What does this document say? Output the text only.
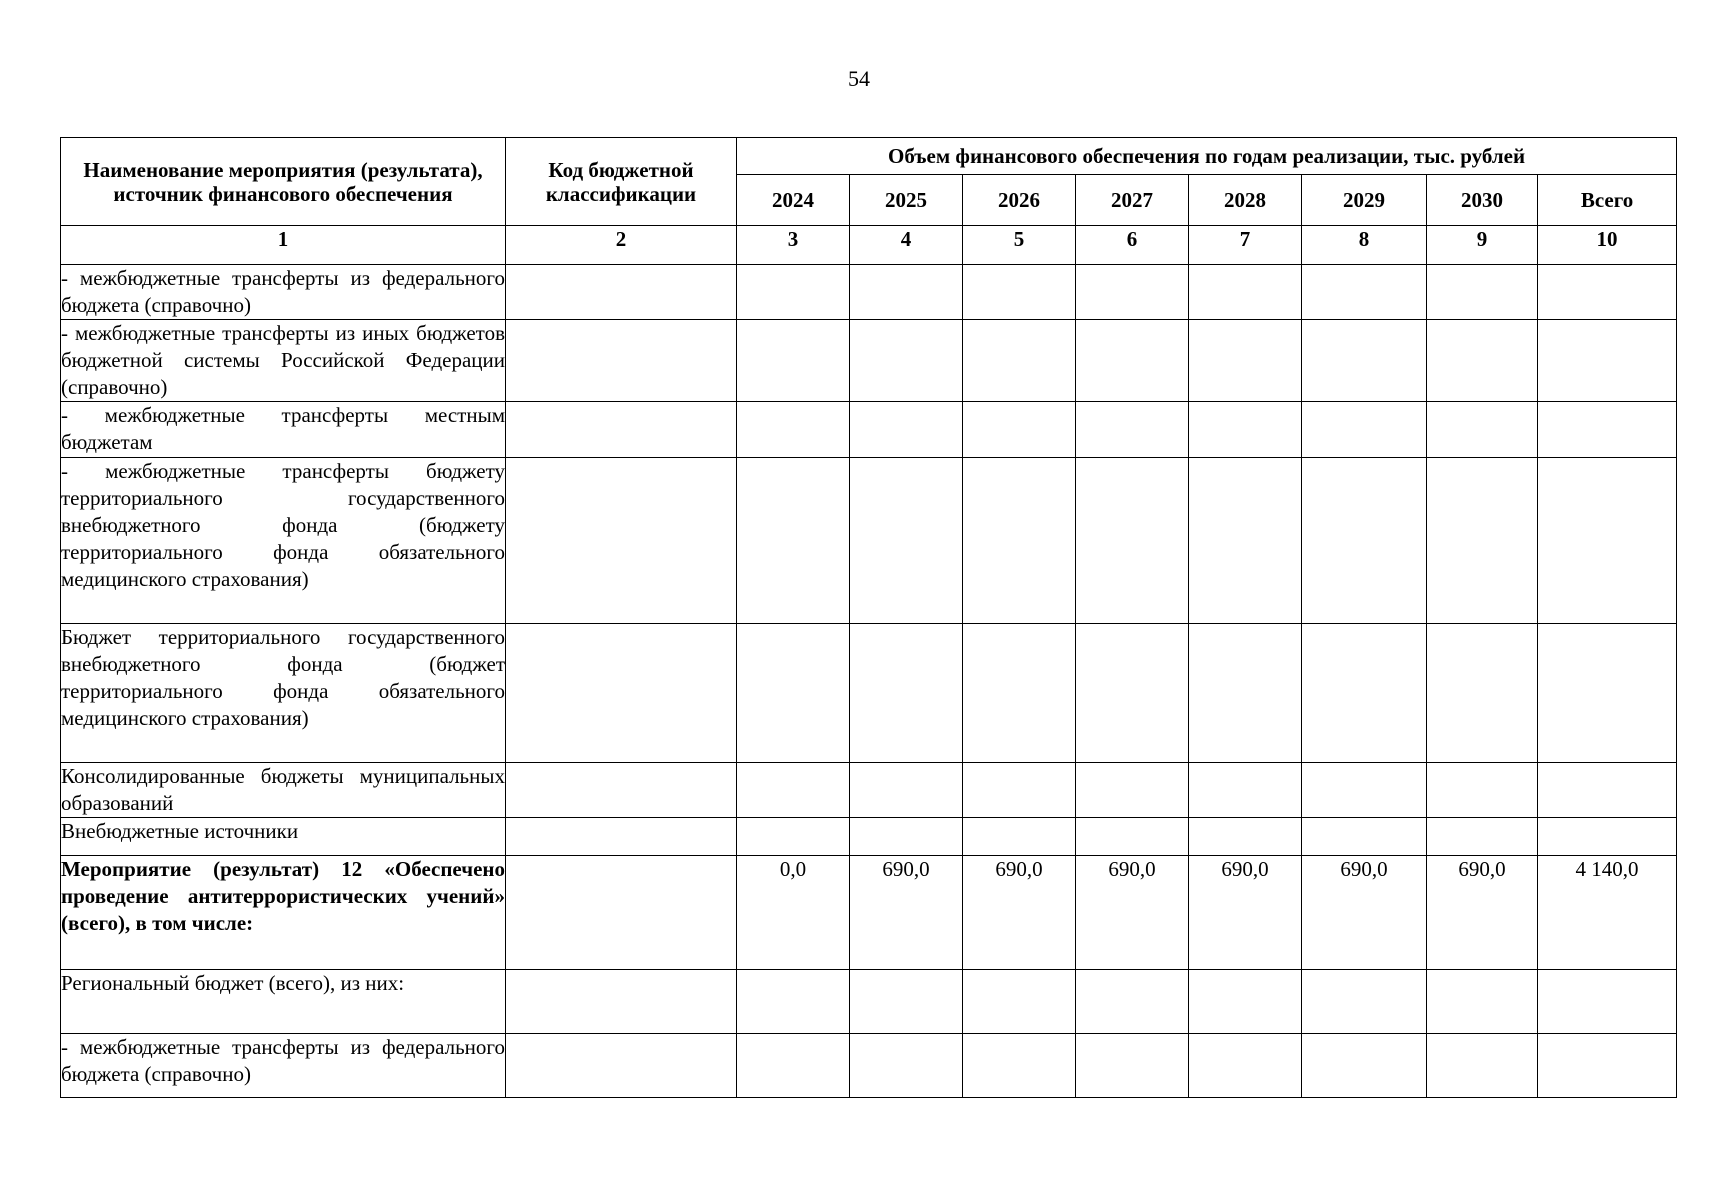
54
Наименование мероприятия (результата), источник финансового обеспечения	Код бюджетной классификации	Объем финансового обеспечения по годам реализации, тыс. рублей							
		2024	2025	2026	2027	2028	2029	2030	Всего
1	2	3	4	5	6	7	8	9	10
- межбюджетные трансферты из федерального бюджета (справочно)									
- межбюджетные трансферты из иных бюджетов бюджетной системы Российской Федерации (справочно)									
- межбюджетные трансферты местным бюджетам									
- межбюджетные трансферты бюджету территориального государственного внебюджетного фонда (бюджету территориального фонда обязательного медицинского страхования)									
Бюджет территориального государственного внебюджетного фонда (бюджет территориального фонда обязательного медицинского страхования)									
Консолидированные бюджеты муниципальных образований									
Внебюджетные источники									
Мероприятие (результат) 12 «Обеспечено проведение антитеррористических учений» (всего), в том числе:		0,0	690,0	690,0	690,0	690,0	690,0	690,0	4 140,0
Региональный бюджет (всего), из них:									
- межбюджетные трансферты из федерального бюджета (справочно)									
